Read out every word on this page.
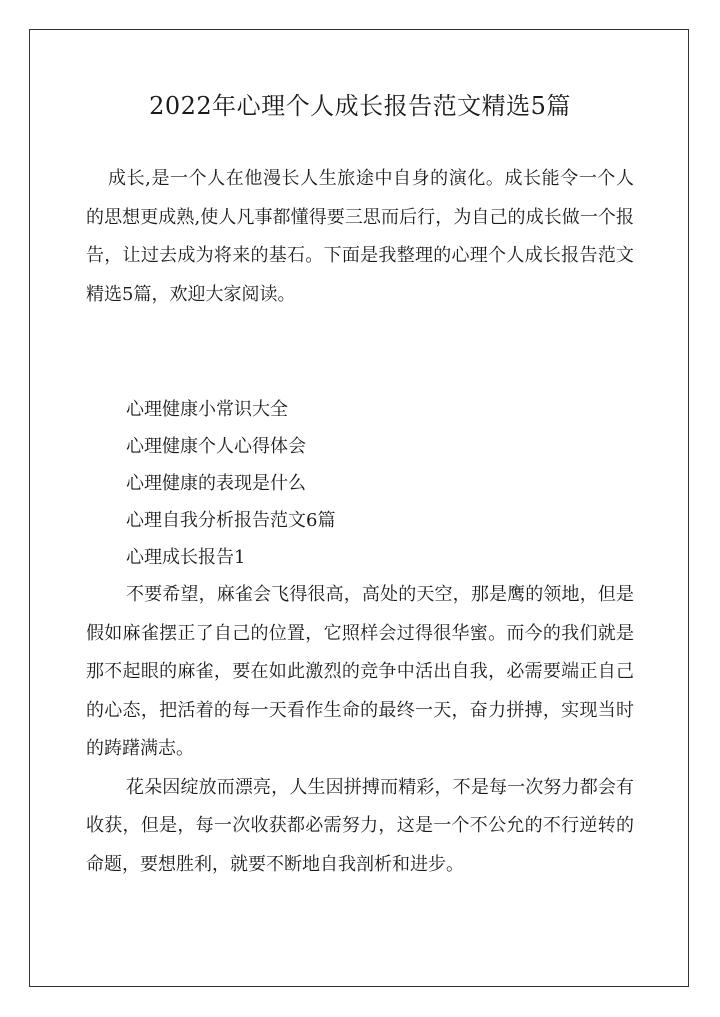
2022年心理个人成长报告范文精选5篇

成长,是一个人在他漫长人生旅途中自身的演化。成长能令一个人的思想更成熟,使人凡事都懂得要三思而后行，为自己的成长做一个报告，让过去成为将来的基石。下面是我整理的心理个人成长报告范文精选5篇，欢迎大家阅读。

心理健康小常识大全
心理健康个人心得体会
心理健康的表现是什么
心理自我分析报告范文6篇
心理成长报告1

不要希望，麻雀会飞得很高，高处的天空，那是鹰的领地，但是假如麻雀摆正了自己的位置，它照样会过得很华蜜。而今的我们就是那不起眼的麻雀，要在如此激烈的竞争中活出自我，必需要端正自己的心态，把活着的每一天看作生命的最终一天，奋力拼搏，实现当时的踌躇满志。

花朵因绽放而漂亮，人生因拼搏而精彩，不是每一次努力都会有收获，但是，每一次收获都必需努力，这是一个不公允的不行逆转的命题，要想胜利，就要不断地自我剖析和进步。
